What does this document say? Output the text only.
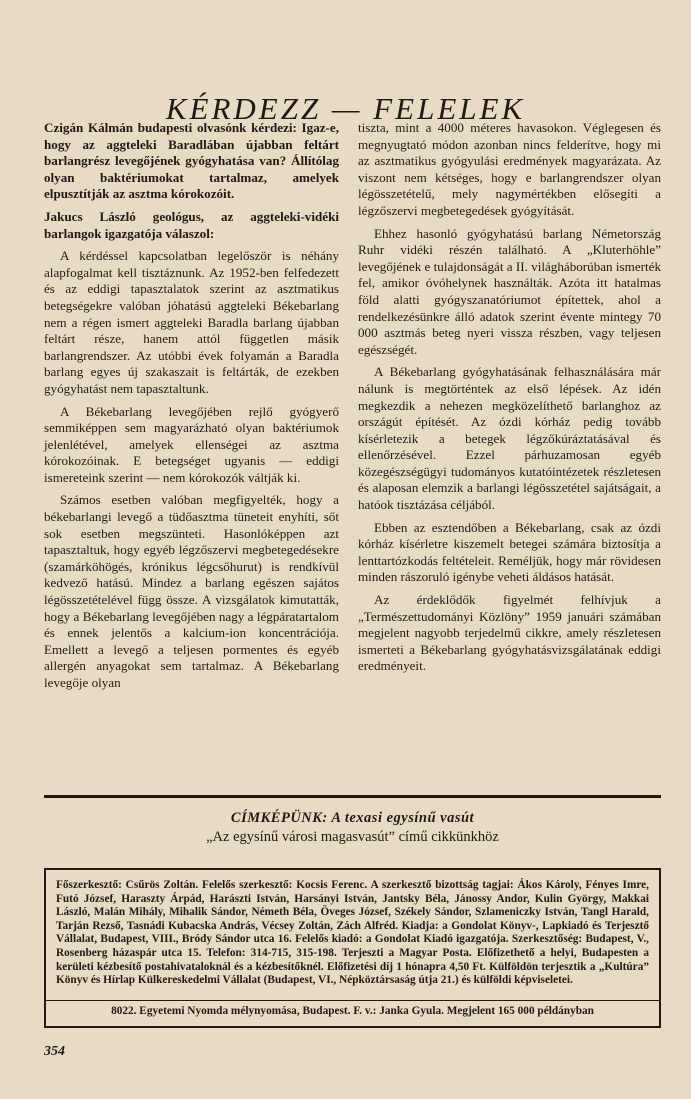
KÉRDEZZ — FELELEK

Czigán Kálmán budapesti olvasónk kérdezi: Igaz-e, hogy az aggteleki Baradlában újabban feltárt barlangrész levegőjének gyógyhatása van? Állítólag olyan baktériumokat tartalmaz, amelyek elpusztítják az asztma kórokozóit.

Jakucs László geológus, az aggteleki-vidéki barlangok igazgatója válaszol:

A kérdéssel kapcsolatban legelőször is néhány alapfogalmat kell tisztáznunk. Az 1952-ben felfedezett és az eddigi tapasztalatok szerint az asztmatikus betegségekre valóban jóhatású aggteleki Békebarlang nem a régen ismert aggteleki Baradla barlang újabban feltárt része, hanem attól független másik barlangrendszer. Az utóbbi évek folyamán a Baradla barlang egyes új szakaszait is feltárták, de ezekben gyógyhatást nem tapasztaltunk.

A Békebarlang levegőjében rejlő gyógyerő semmiképpen sem magyarázható olyan baktériumok jelenlétével, amelyek ellenségei az asztma kórokozóinak. E betegséget ugyanis — eddigi ismereteink szerint — nem kórokozók váltják ki.

Számos esetben valóban megfigyelték, hogy a békebarlangi levegő a tüdőasztma tüneteit enyhíti, sőt sok esetben megszünteti. Hasonlóképpen azt tapasztaltuk, hogy egyéb légzőszervi megbetegedésekre (szamárköhögés, krónikus légcsőhurut) is rendkívül kedvező hatású. Mindez a barlang egészen sajátos légösszetételével függ össze. A vizsgálatok kimutatták, hogy a Békebarlang levegőjében nagy a légpáratartalom és ennek jelentős a kalcium-ion koncentrációja. Emellett a levegő a teljesen pormentes és egyéb allergén anyagokat sem tartalmaz. A Békebarlang levegője olyan

tiszta, mint a 4000 méteres havasokon. Véglegesen és megnyugtató módon azonban nincs felderítve, hogy mi az asztmatikus gyógyulási eredmények magyarázata. Az viszont nem kétséges, hogy e barlangrendszer olyan légösszetételű, mely nagymértékben elősegíti a légzőszervi megbetegedések gyógyítását.

Ehhez hasonló gyógyhatású barlang Németország Ruhr vidéki részén található. A „Kluterhöhle” levegőjének e tulajdonságát a II. világháborúban ismerték fel, amikor óvóhelynek használták. Azóta itt hatalmas föld alatti gyógyszanatóriumot építettek, ahol a rendelkezésünkre álló adatok szerint évente mintegy 70 000 asztmás beteg nyeri vissza részben, vagy teljesen egészségét.

A Békebarlang gyógyhatásának felhasználására már nálunk is megtörténtek az első lépések. Az idén megkezdik a nehezen megközelíthető barlanghoz az országút építését. Az ózdi kórház pedig tovább kísérletezik a betegek légzőkúráztatásával és ellenőrzésével. Ezzel párhuzamosan egyéb közegészségügyi tudományos kutatóintézetek részletesen és alaposan elemzik a barlangi légösszetétel sajátságait, a hatóok tisztázása céljából.

Ebben az esztendőben a Békebarlang, csak az ózdi kórház kísérletre kiszemelt betegei számára biztosítja a lenttartózkodás feltételeit. Reméljük, hogy már rövidesen minden rászoruló igénybe veheti áldásos hatását.

Az érdeklődők figyelmét felhívjuk a „Természettudományi Közlöny” 1959 januári számában megjelent nagyobb terjedelmű cikkre, amely részletesen ismerteti a Békebarlang gyógyhatásvizsgálatának eddigi eredményeit.

CÍMKÉPÜNK: A texasi egysínű vasút
„Az egysínű városi magasvasút” című cikkünkhöz
Főszerkesztő: Csűrös Zoltán. Felelős szerkesztő: Kocsis Ferenc. A szerkesztő bizottság tagjai: Ákos Károly, Fényes Imre, Futó József, Haraszty Árpád, Harászti István, Harsányi István, Jantsky Béla, Jánossy Andor, Kulin György, Makkai László, Malán Mihály, Mihalik Sándor, Németh Béla, Öveges József, Székely Sándor, Szlameniczky István, Tangl Harald, Tarján Rezső, Tasnádi Kubacska András, Vécsey Zoltán, Zách Alfréd. Kiadja: a Gondolat Könyv-, Lapkiadó és Terjesztő Vállalat, Budapest, VIII., Bródy Sándor utca 16. Felelős kiadó: a Gondolat Kiadó igazgatója. Szerkesztőség: Budapest, V., Rosenberg házaspár utca 15. Telefon: 314-715, 315-198. Terjeszti a Magyar Posta. Előfizethető a helyi, Budapesten a kerületi kézbesítő postahivataloknál és a kézbesítőknél. Előfizetési díj 1 hónapra 4,50 Ft. Külföldön terjesztik a „Kultúra” Könyv és Hírlap Külkereskedelmi Vállalat (Budapest, VI., Népköztársaság útja 21.) és külföldi képviseletei.
8022. Egyetemi Nyomda mélynyomása, Budapest. F. v.: Janka Gyula. Megjelent 165 000 példányban
354
